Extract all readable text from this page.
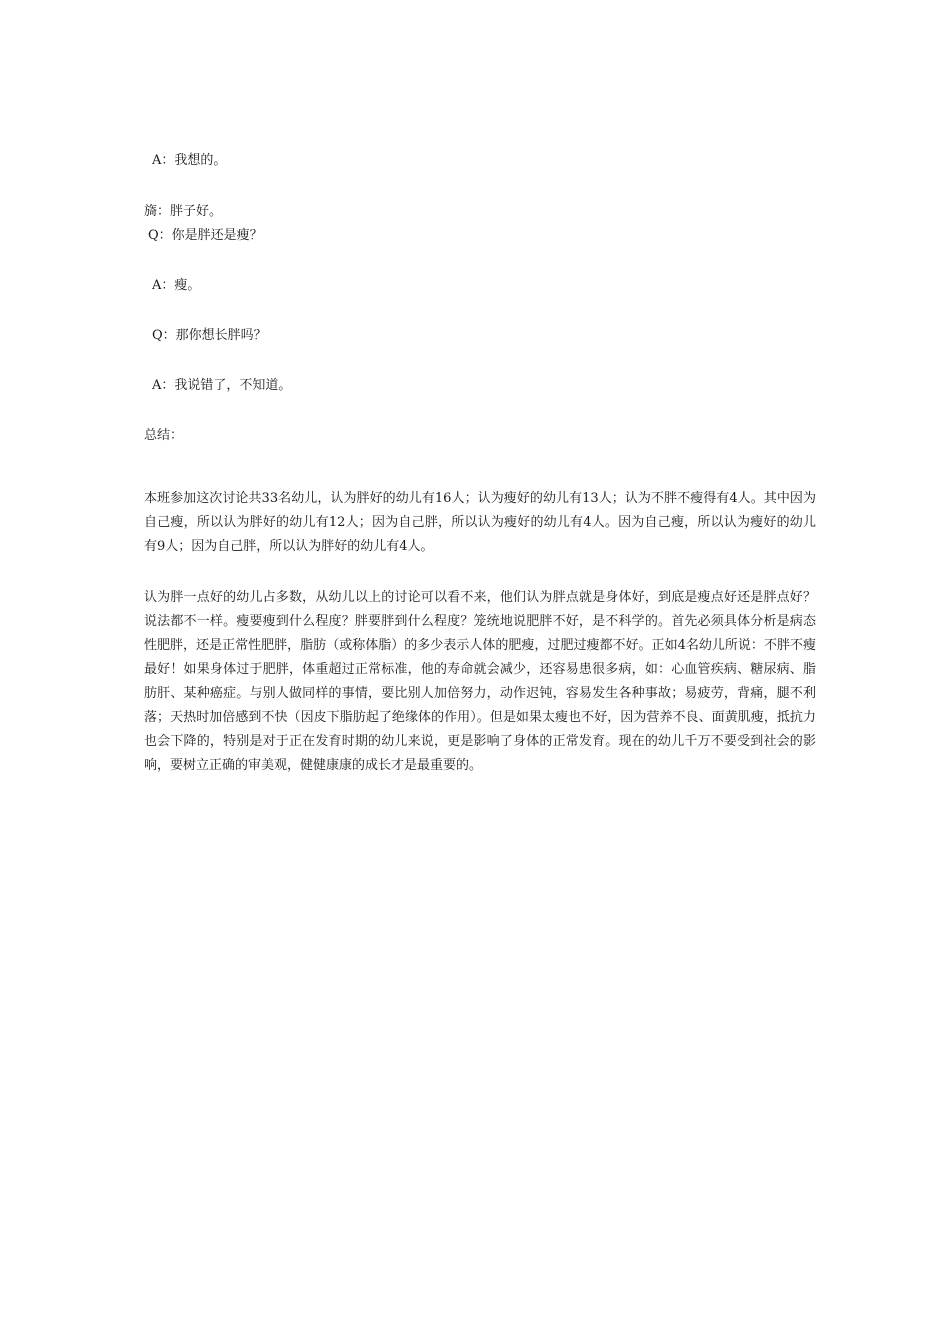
A：我想的。
旖：胖子好。
Q：你是胖还是瘦？
A：瘦。
Q：那你想长胖吗？
A：我说错了，不知道。
总结：

本班参加这次讨论共33名幼儿，认为胖好的幼儿有16人；认为瘦好的幼儿有13人；认为不胖不瘦得有4人。其中因为自己瘦，所以认为胖好的幼儿有12人；因为自己胖，所以认为瘦好的幼儿有4人。因为自己瘦，所以认为瘦好的幼儿有9人；因为自己胖，所以认为胖好的幼儿有4人。

认为胖一点好的幼儿占多数，从幼儿以上的讨论可以看不来，他们认为胖点就是身体好，到底是瘦点好还是胖点好？说法都不一样。瘦要瘦到什么程度？胖要胖到什么程度？笼统地说肥胖不好，是不科学的。首先必须具体分析是病态性肥胖，还是正常性肥胖，脂肪（或称体脂）的多少表示人体的肥瘦，过肥过瘦都不好。正如4名幼儿所说：不胖不瘦最好！如果身体过于肥胖，体重超过正常标准，他的寿命就会减少，还容易患很多病，如：心血管疾病、糖尿病、脂肪肝、某种癌症。与别人做同样的事情，要比别人加倍努力，动作迟钝，容易发生各种事故；易疲劳，背痛，腿不利落；天热时加倍感到不快（因皮下脂肪起了绝缘体的作用）。但是如果太瘦也不好，因为营养不良、面黄肌瘦，抵抗力也会下降的，特别是对于正在发育时期的幼儿来说，更是影响了身体的正常发育。现在的幼儿千万不要受到社会的影响，要树立正确的审美观，健健康康的成长才是最重要的。
